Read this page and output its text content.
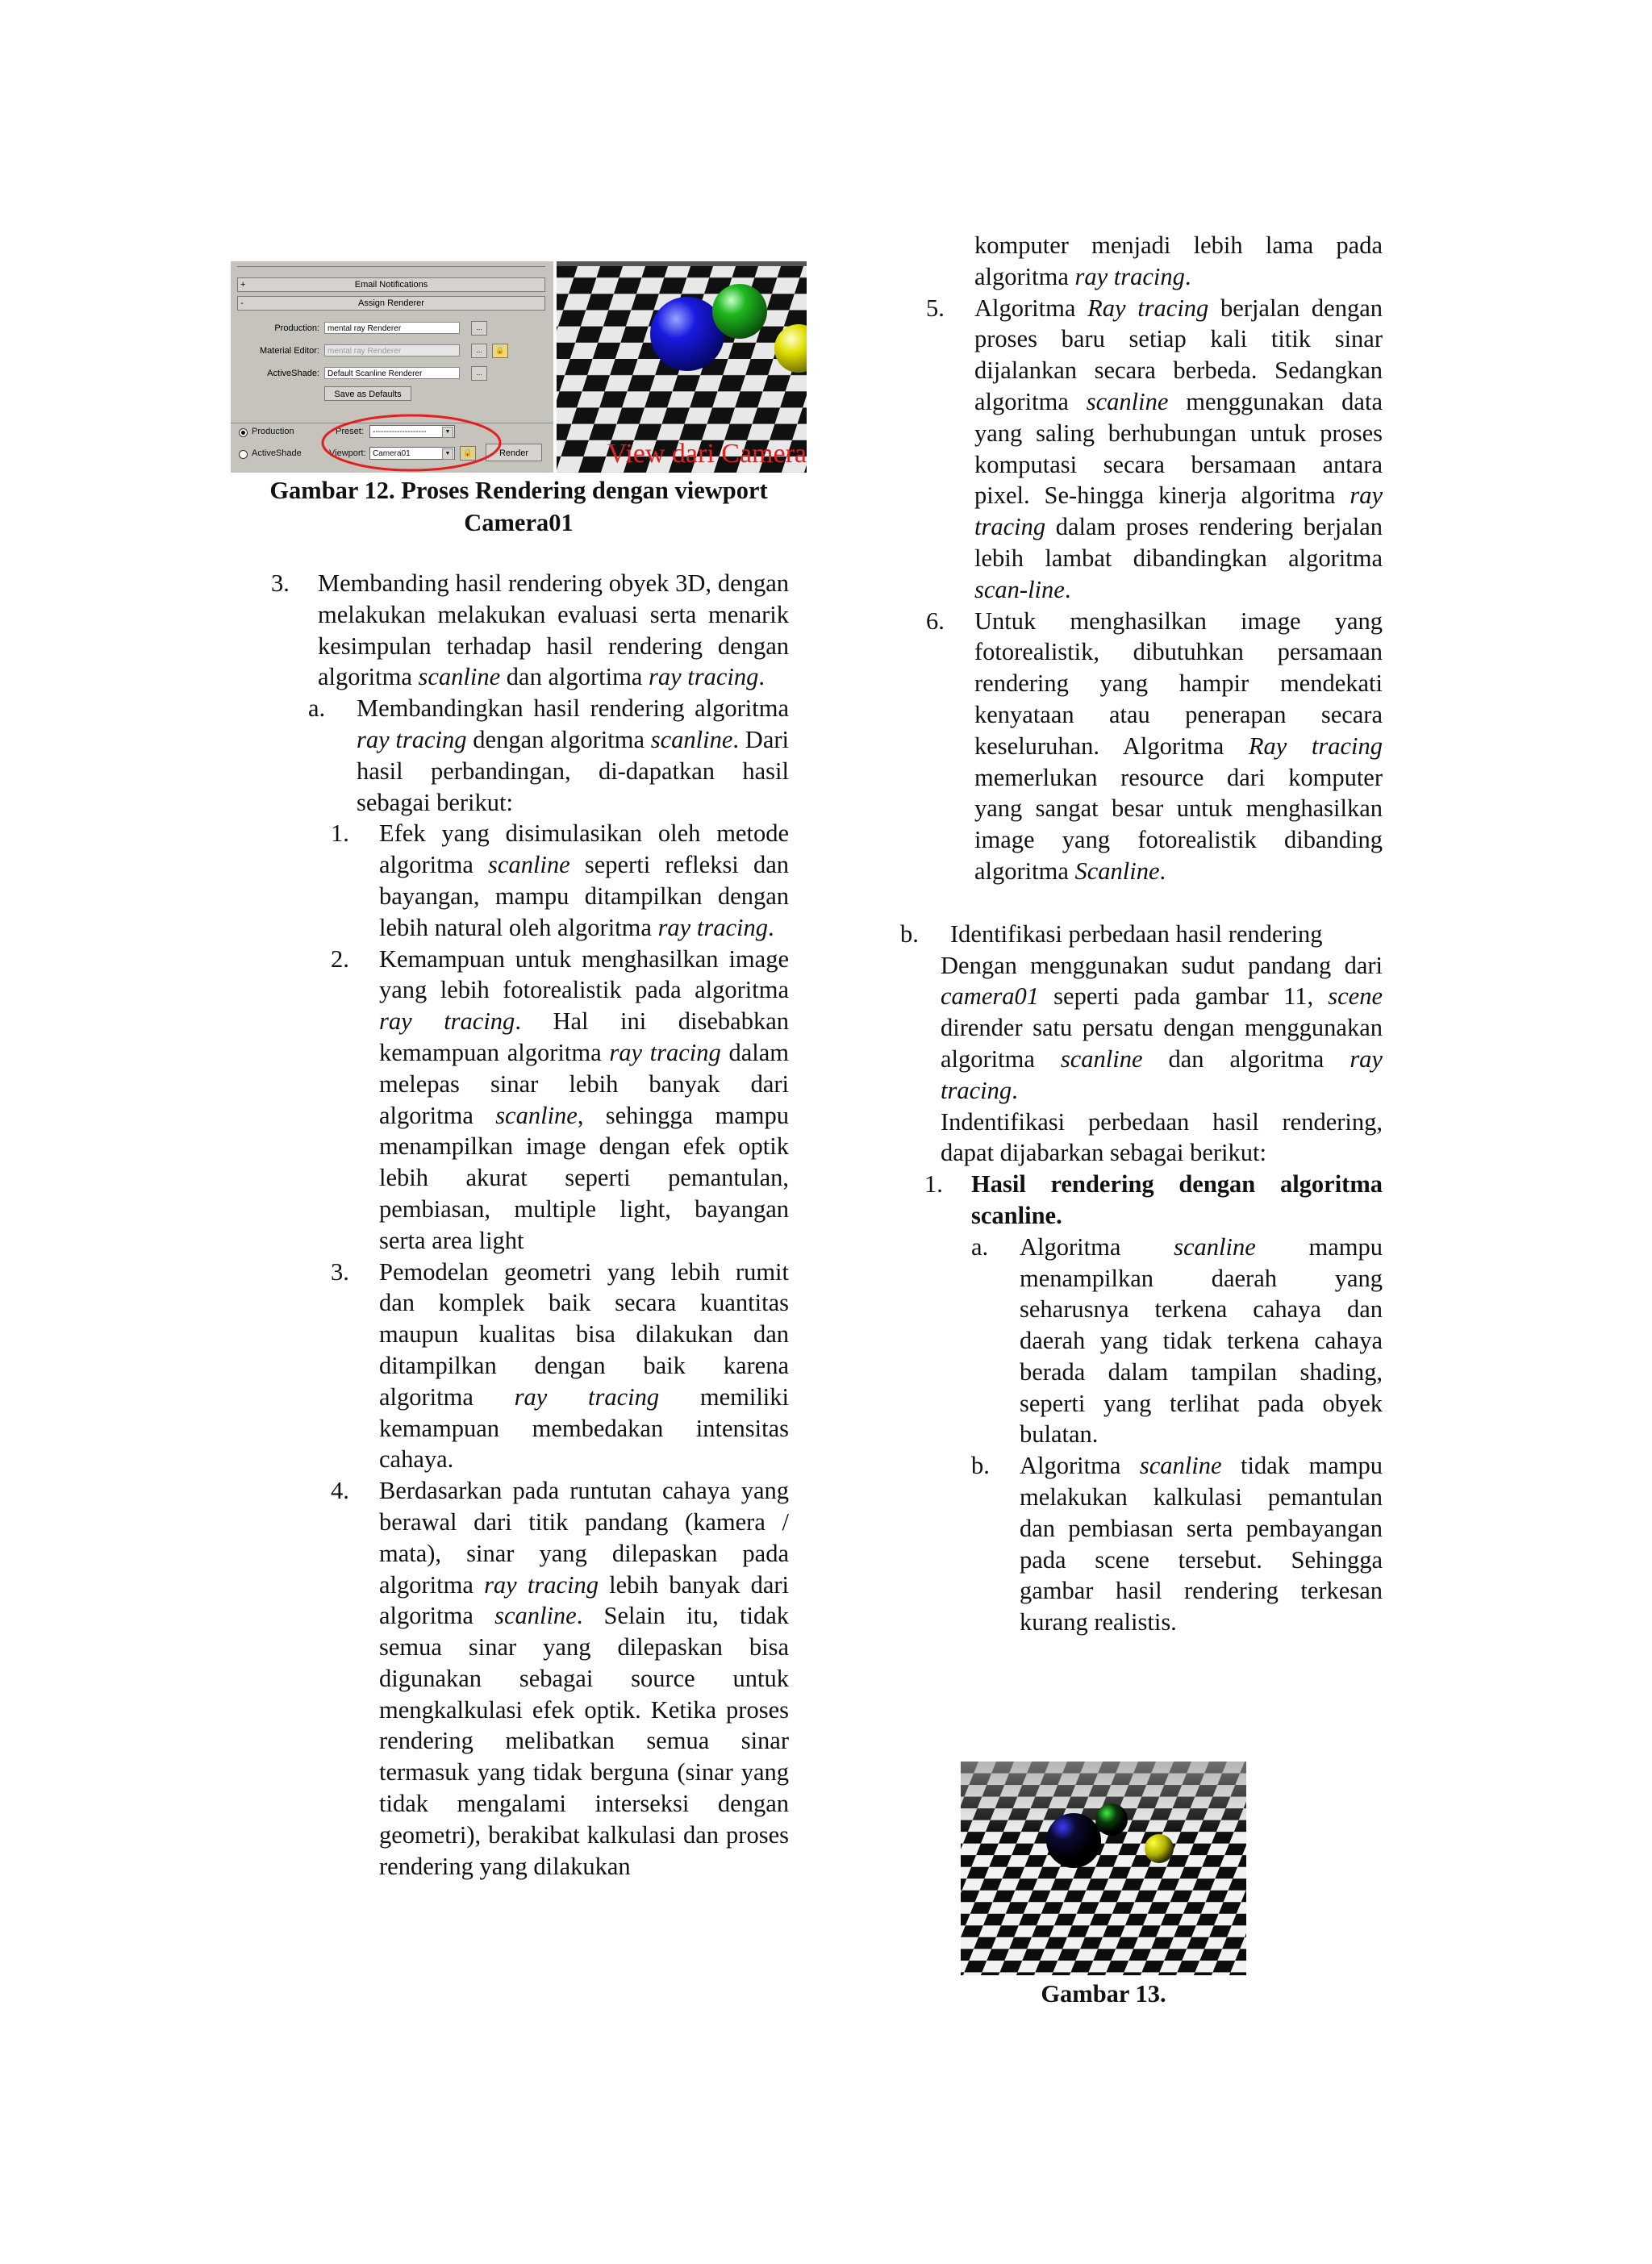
+	Email Notifications
-	Assign Renderer
Production:	mental ray Renderer	...
Material Editor:	mental ray Renderer	...	🔒
ActiveShade:	Default Scanline Renderer	...
Save as Defaults
Production
ActiveShade
Preset:	--------------------	▼
Viewport: Camera01	▼	🔒	Render	View dari Camera
Gambar 12. Proses Rendering dengan viewport
Camera01
3. Membanding hasil rendering obyek 3D, dengan melakukan melakukan evaluasi serta menarik kesimpulan terhadap hasil rendering dengan algoritma scanline dan algortima ray tracing.

a. Membandingkan hasil rendering algoritma ray tracing dengan algoritma scanline. Dari hasil perbandingan, di-dapatkan hasil sebagai berikut:

1. Efek yang disimulasikan oleh metode algoritma scanline seperti refleksi dan bayangan, mampu ditampilkan dengan lebih natural oleh algoritma ray tracing.

2. Kemampuan untuk menghasilkan image yang lebih fotorealistik pada algoritma ray tracing. Hal ini disebabkan kemampuan algoritma ray tracing dalam melepas sinar lebih banyak dari algoritma scanline, sehingga mampu menampilkan image dengan efek optik lebih akurat seperti pemantulan, pembiasan, multiple light, bayangan serta area light

3. Pemodelan geometri yang lebih rumit dan komplek baik secara kuantitas maupun kualitas bisa dilakukan dan ditampilkan dengan baik karena algoritma ray tracing memiliki kemampuan membedakan intensitas cahaya.

4. Berdasarkan pada runtutan cahaya yang berawal dari titik pandang (kamera / mata), sinar yang dilepaskan pada algoritma ray tracing lebih banyak dari algoritma scanline. Selain itu, tidak semua sinar yang dilepaskan bisa digunakan sebagai source untuk mengkalkulasi efek optik. Ketika proses rendering melibatkan semua sinar termasuk yang tidak berguna (sinar yang tidak mengalami interseksi dengan geometri), berakibat kalkulasi dan proses rendering yang dilakukan

komputer menjadi lebih lama pada algoritma ray tracing.

5. Algoritma Ray tracing berjalan dengan proses baru setiap kali titik sinar dijalankan secara berbeda. Sedangkan algoritma scanline menggunakan data yang saling berhubungan untuk proses komputasi secara bersamaan antara pixel. Se-hingga kinerja algoritma ray tracing dalam proses rendering berjalan lebih lambat dibandingkan algoritma scan-line.

6. Untuk menghasilkan image yang fotorealistik, dibutuhkan persamaan rendering yang hampir mendekati kenyataan atau penerapan secara keseluruhan. Algoritma Ray tracing memerlukan resource dari komputer yang sangat besar untuk menghasilkan image yang fotorealistik dibanding algoritma Scanline.

b. Identifikasi perbedaan hasil rendering

Dengan menggunakan sudut pandang dari camera01 seperti pada gambar 11, scene dirender satu persatu dengan menggunakan algoritma scanline dan algoritma ray tracing.

Indentifikasi perbedaan hasil rendering, dapat dijabarkan sebagai berikut:

1. Hasil rendering dengan algoritma scanline.

a. Algoritma scanline mampu menampilkan daerah yang seharusnya terkena cahaya dan daerah yang tidak terkena cahaya berada dalam tampilan shading, seperti yang terlihat pada obyek bulatan.

b. Algoritma scanline tidak mampu melakukan kalkulasi pemantulan dan pembiasan serta pembayangan pada scene tersebut. Sehingga gambar hasil rendering terkesan kurang realistis.

Gambar 13.
